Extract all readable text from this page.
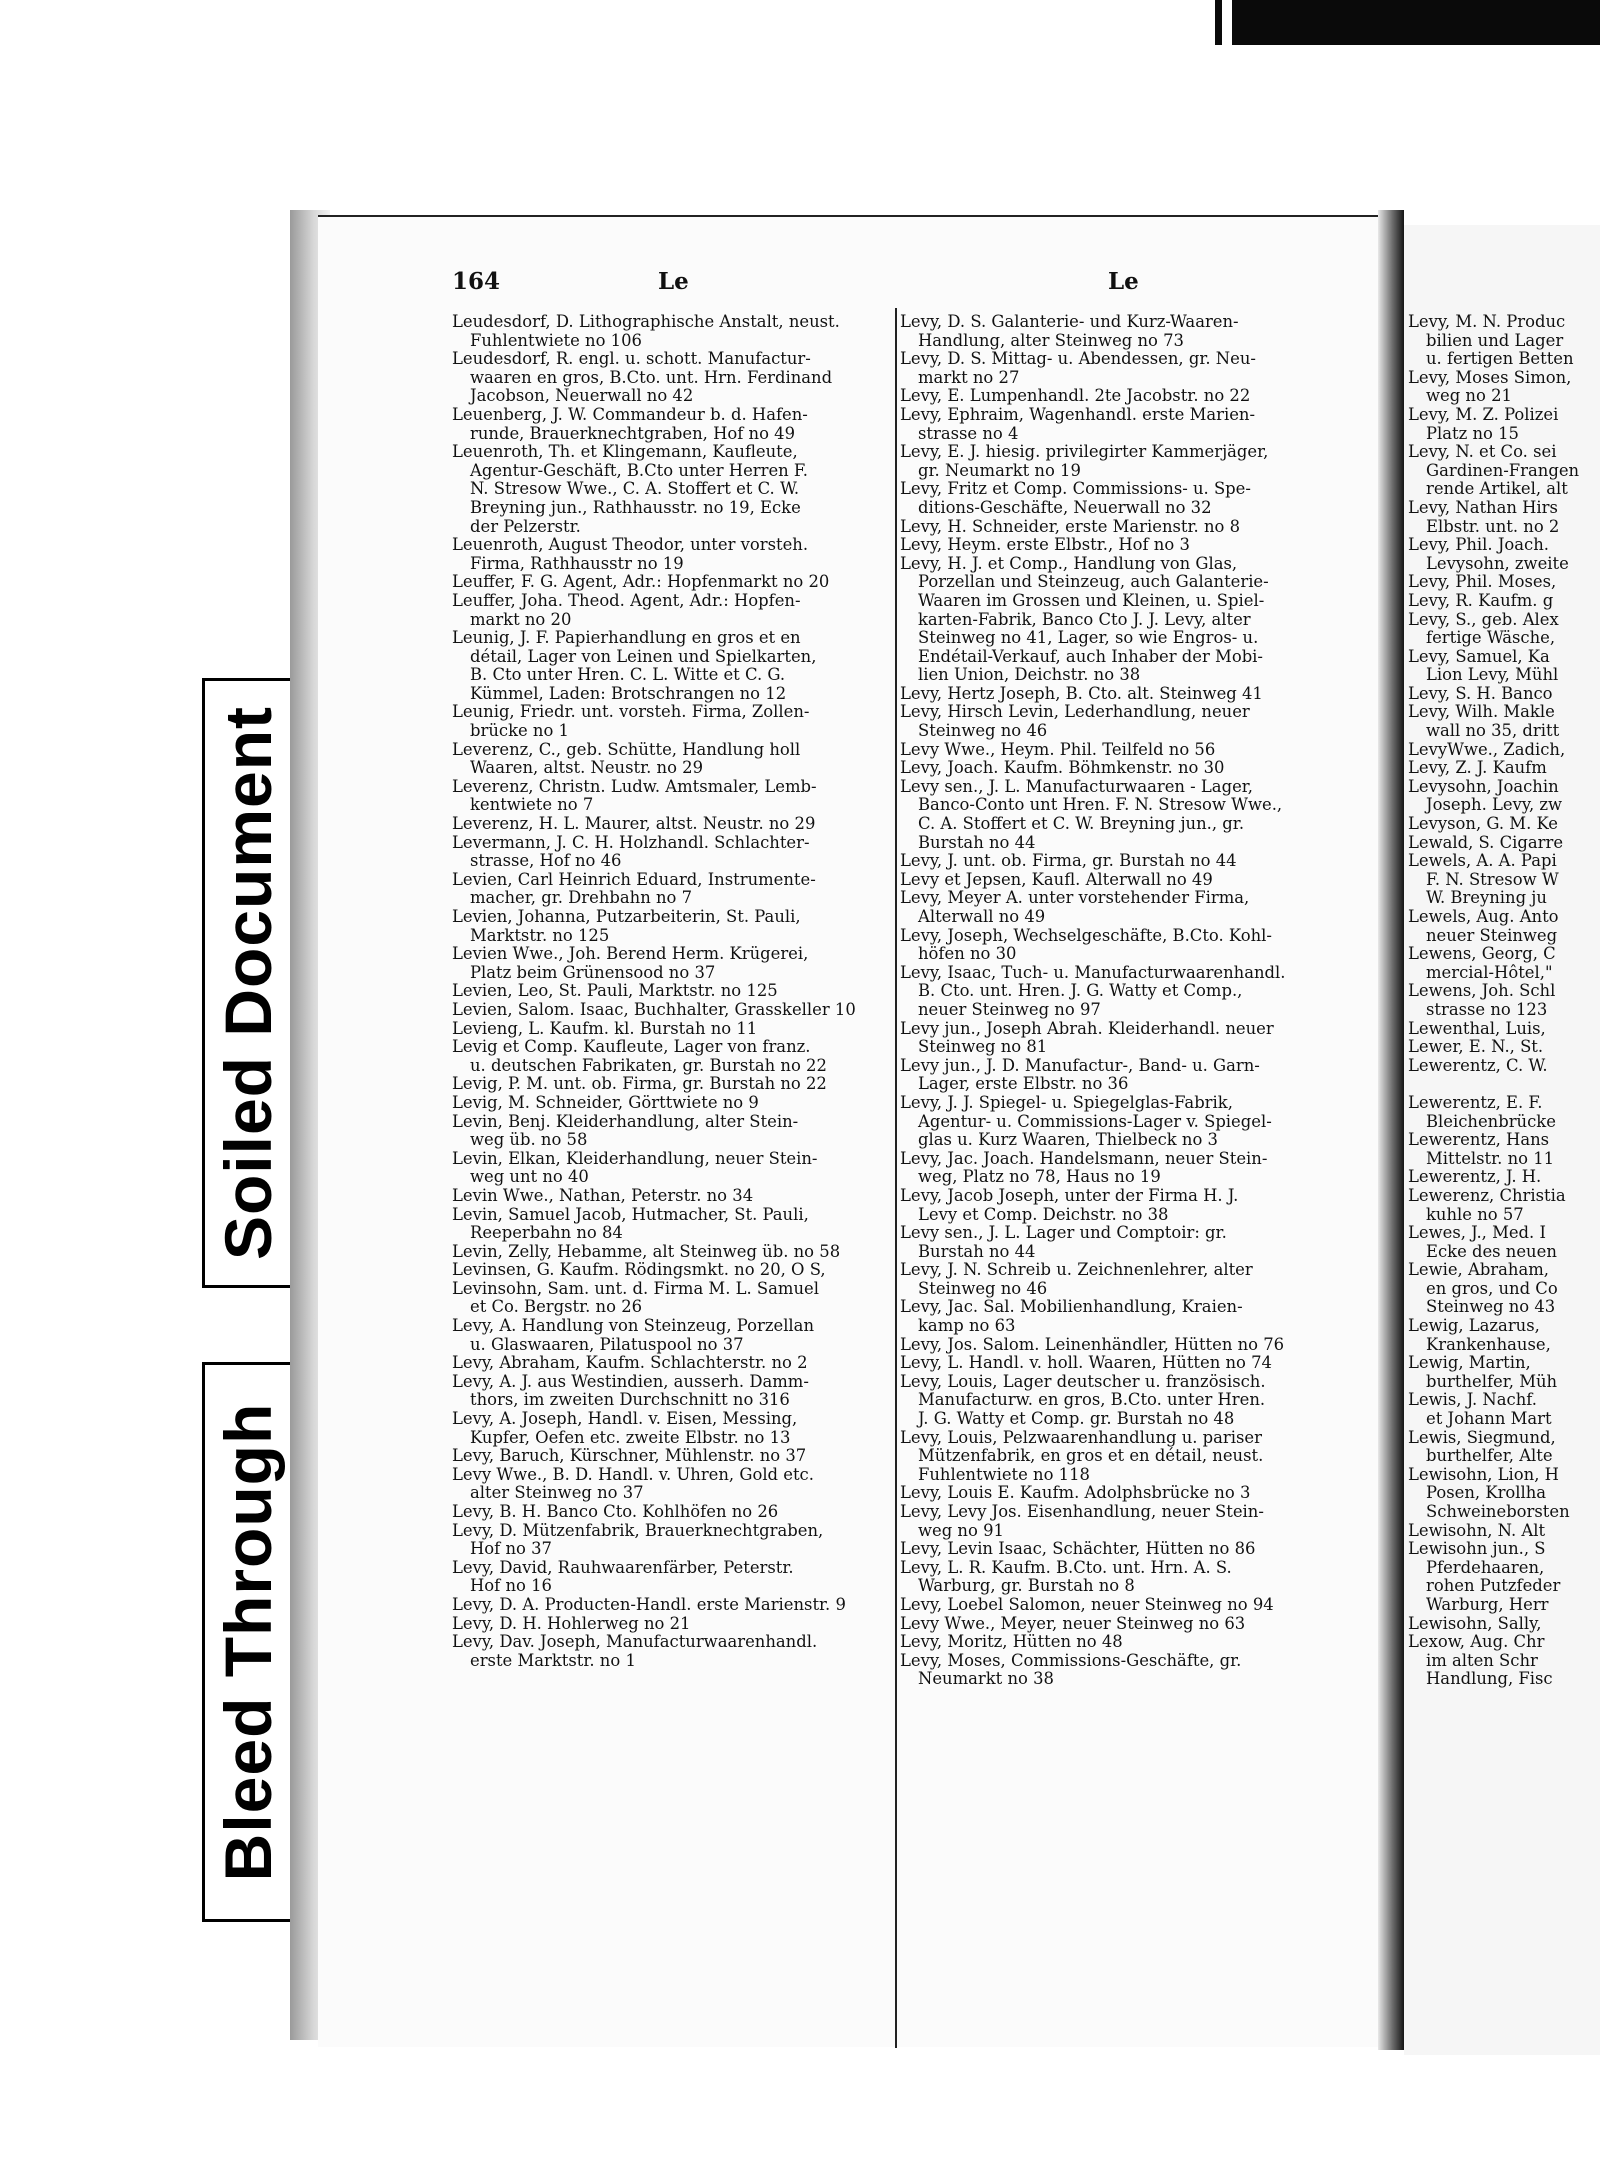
Soiled Document
Bleed Through
164	Le	Le
Leudesdorf, D. Lithographische Anstalt, neust.
Fuhlentwiete no 106
Leudesdorf, R. engl. u. schott. Manufactur-
waaren en gros, B.Cto. unt. Hrn. Ferdinand
Jacobson, Neuerwall no 42
Leuenberg, J. W. Commandeur b. d. Hafen-
runde, Brauerknechtgraben, Hof no 49
Leuenroth, Th. et Klingemann, Kaufleute,
Agentur-Geschäft, B.Cto unter Herren F.
N. Stresow Wwe., C. A. Stoffert et C. W.
Breyning jun., Rathhausstr. no 19, Ecke
der Pelzerstr.
Leuenroth, August Theodor, unter vorsteh.
Firma, Rathhausstr no 19
Leuffer, F. G. Agent, Adr.: Hopfenmarkt no 20
Leuffer, Joha. Theod. Agent, Adr.: Hopfen-
markt no 20
Leunig, J. F. Papierhandlung en gros et en
détail, Lager von Leinen und Spielkarten,
B. Cto unter Hren. C. L. Witte et C. G.
Kümmel, Laden: Brotschrangen no 12
Leunig, Friedr. unt. vorsteh. Firma, Zollen-
brücke no 1
Leverenz, C., geb. Schütte, Handlung holl
Waaren, altst. Neustr. no 29
Leverenz, Christn. Ludw. Amtsmaler, Lemb-
kentwiete no 7
Leverenz, H. L. Maurer, altst. Neustr. no 29
Levermann, J. C. H. Holzhandl. Schlachter-
strasse, Hof no 46
Levien, Carl Heinrich Eduard, Instrumente-
macher, gr. Drehbahn no 7
Levien, Johanna, Putzarbeiterin, St. Pauli,
Marktstr. no 125
Levien Wwe., Joh. Berend Herm. Krügerei,
Platz beim Grünensood no 37
Levien, Leo, St. Pauli, Marktstr. no 125
Levien, Salom. Isaac, Buchhalter, Grasskeller 10
Levieng, L. Kaufm. kl. Burstah no 11
Levig et Comp. Kaufleute, Lager von franz.
u. deutschen Fabrikaten, gr. Burstah no 22
Levig, P. M. unt. ob. Firma, gr. Burstah no 22
Levig, M. Schneider, Görttwiete no 9
Levin, Benj. Kleiderhandlung, alter Stein-
weg üb. no 58
Levin, Elkan, Kleiderhandlung, neuer Stein-
weg unt no 40
Levin Wwe., Nathan, Peterstr. no 34
Levin, Samuel Jacob, Hutmacher, St. Pauli,
Reeperbahn no 84
Levin, Zelly, Hebamme, alt Steinweg üb. no 58
Levinsen, G. Kaufm. Rödingsmkt. no 20, O S,
Levinsohn, Sam. unt. d. Firma M. L. Samuel
et Co. Bergstr. no 26
Levy, A. Handlung von Steinzeug, Porzellan
u. Glaswaaren, Pilatuspool no 37
Levy, Abraham, Kaufm. Schlachterstr. no 2
Levy, A. J. aus Westindien, ausserh. Damm-
thors, im zweiten Durchschnitt no 316
Levy, A. Joseph, Handl. v. Eisen, Messing,
Kupfer, Oefen etc. zweite Elbstr. no 13
Levy, Baruch, Kürschner, Mühlenstr. no 37
Levy Wwe., B. D. Handl. v. Uhren, Gold etc.
alter Steinweg no 37
Levy, B. H. Banco Cto. Kohlhöfen no 26
Levy, D. Mützenfabrik, Brauerknechtgraben,
Hof no 37
Levy, David, Rauhwaarenfärber, Peterstr.
Hof no 16
Levy, D. A. Producten-Handl. erste Marienstr. 9
Levy, D. H. Hohlerweg no 21
Levy, Dav. Joseph, Manufacturwaarenhandl.
erste Marktstr. no 1
Levy, D. S. Galanterie- und Kurz-Waaren-
Handlung, alter Steinweg no 73
Levy, D. S. Mittag- u. Abendessen, gr. Neu-
markt no 27
Levy, E. Lumpenhandl. 2te Jacobstr. no 22
Levy, Ephraim, Wagenhandl. erste Marien-
strasse no 4
Levy, E. J. hiesig. privilegirter Kammerjäger,
gr. Neumarkt no 19
Levy, Fritz et Comp. Commissions- u. Spe-
ditions-Geschäfte, Neuerwall no 32
Levy, H. Schneider, erste Marienstr. no 8
Levy, Heym. erste Elbstr., Hof no 3
Levy, H. J. et Comp., Handlung von Glas,
Porzellan und Steinzeug, auch Galanterie-
Waaren im Grossen und Kleinen, u. Spiel-
karten-Fabrik, Banco Cto J. J. Levy, alter
Steinweg no 41, Lager, so wie Engros- u.
Endétail-Verkauf, auch Inhaber der Mobi-
lien Union, Deichstr. no 38
Levy, Hertz Joseph, B. Cto. alt. Steinweg 41
Levy, Hirsch Levin, Lederhandlung, neuer
Steinweg no 46
Levy Wwe., Heym. Phil. Teilfeld no 56
Levy, Joach. Kaufm. Böhmkenstr. no 30
Levy sen., J. L. Manufacturwaaren - Lager,
Banco-Conto unt Hren. F. N. Stresow Wwe.,
C. A. Stoffert et C. W. Breyning jun., gr.
Burstah no 44
Levy, J. unt. ob. Firma, gr. Burstah no 44
Levy et Jepsen, Kaufl. Alterwall no 49
Levy, Meyer A. unter vorstehender Firma,
Alterwall no 49
Levy, Joseph, Wechselgeschäfte, B.Cto. Kohl-
höfen no 30
Levy, Isaac, Tuch- u. Manufacturwaarenhandl.
B. Cto. unt. Hren. J. G. Watty et Comp.,
neuer Steinweg no 97
Levy jun., Joseph Abrah. Kleiderhandl. neuer
Steinweg no 81
Levy jun., J. D. Manufactur-, Band- u. Garn-
Lager, erste Elbstr. no 36
Levy, J. J. Spiegel- u. Spiegelglas-Fabrik,
Agentur- u. Commissions-Lager v. Spiegel-
glas u. Kurz Waaren, Thielbeck no 3
Levy, Jac. Joach. Handelsmann, neuer Stein-
weg, Platz no 78, Haus no 19
Levy, Jacob Joseph, unter der Firma H. J.
Levy et Comp. Deichstr. no 38
Levy sen., J. L. Lager und Comptoir: gr.
Burstah no 44
Levy, J. N. Schreib u. Zeichnenlehrer, alter
Steinweg no 46
Levy, Jac. Sal. Mobilienhandlung, Kraien-
kamp no 63
Levy, Jos. Salom. Leinenhändler, Hütten no 76
Levy, L. Handl. v. holl. Waaren, Hütten no 74
Levy, Louis, Lager deutscher u. französisch.
Manufacturw. en gros, B.Cto. unter Hren.
J. G. Watty et Comp. gr. Burstah no 48
Levy, Louis, Pelzwaarenhandlung u. pariser
Mützenfabrik, en gros et en détail, neust.
Fuhlentwiete no 118
Levy, Louis E. Kaufm. Adolphsbrücke no 3
Levy, Levy Jos. Eisenhandlung, neuer Stein-
weg no 91
Levy, Levin Isaac, Schächter, Hütten no 86
Levy, L. R. Kaufm. B.Cto. unt. Hrn. A. S.
Warburg, gr. Burstah no 8
Levy, Loebel Salomon, neuer Steinweg no 94
Levy Wwe., Meyer, neuer Steinweg no 63
Levy, Moritz, Hütten no 48
Levy, Moses, Commissions-Geschäfte, gr.
Neumarkt no 38
Levy, M. N. Produc
bilien und Lager
u. fertigen Betten
Levy, Moses Simon,
weg no 21
Levy, M. Z. Polizei
Platz no 15
Levy, N. et Co. sei
Gardinen-Frangen
rende Artikel, alt
Levy, Nathan Hirs
Elbstr. unt. no 2
Levy, Phil. Joach.
Levysohn, zweite
Levy, Phil. Moses,
Levy, R. Kaufm. g
Levy, S., geb. Alex
fertige Wäsche,
Levy, Samuel, Ka
Lion Levy, Mühl
Levy, S. H. Banco
Levy, Wilh. Makle
wall no 35, dritt
LevyWwe., Zadich,
Levy, Z. J. Kaufm
Levysohn, Joachin
Joseph. Levy, zw
Levyson, G. M. Ke
Lewald, S. Cigarre
Lewels, A. A. Papi
F. N. Stresow W
W. Breyning ju
Lewels, Aug. Anto
neuer Steinweg
Lewens, Georg, C
mercial-Hôtel,"
Lewens, Joh. Schl
strasse no 123
Lewenthal, Luis,
Lewer, E. N., St.
Lewerentz, C. W.
Lewerentz, E. F.
Bleichenbrücke
Lewerentz, Hans
Mittelstr. no 11
Lewerentz, J. H.
Lewerenz, Christia
kuhle no 57
Lewes, J., Med. I
Ecke des neuen
Lewie, Abraham,
en gros, und Co
Steinweg no 43
Lewig, Lazarus,
Krankenhause,
Lewig, Martin,
burthelfer, Müh
Lewis, J. Nachf.
et Johann Mart
Lewis, Siegmund,
burthelfer, Alte
Lewisohn, Lion, H
Posen, Krollha
Schweineborsten
Lewisohn, N. Alt
Lewisohn jun., S
Pferdehaaren,
rohen Putzfeder
Warburg, Herr
Lewisohn, Sally,
Lexow, Aug. Chr
im alten Schr
Handlung, Fisc
